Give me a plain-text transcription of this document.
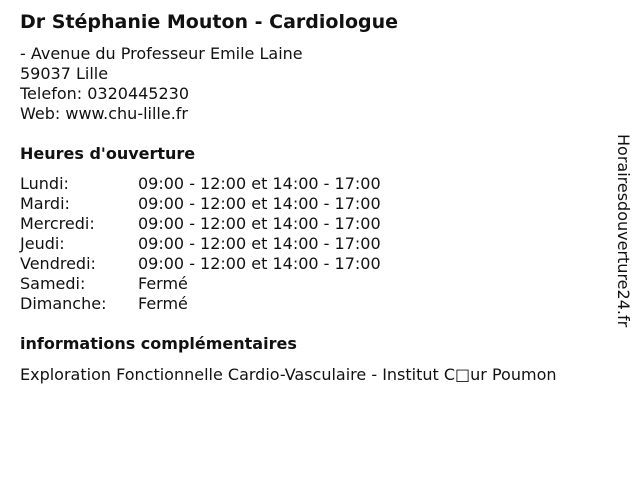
Dr Stéphanie Mouton - Cardiologue
- Avenue du Professeur Emile Laine
59037 Lille
Telefon: 0320445230
Web: www.chu-lille.fr
Heures d'ouverture
Lundi:	09:00 - 12:00 et 14:00 - 17:00
Mardi:	09:00 - 12:00 et 14:00 - 17:00
Mercredi:	09:00 - 12:00 et 14:00 - 17:00
Jeudi:	09:00 - 12:00 et 14:00 - 17:00
Vendredi:	09:00 - 12:00 et 14:00 - 17:00
Samedi:	Fermé
Dimanche:	Fermé
informations complémentaires
Exploration Fonctionnelle Cardio-Vasculaire - Institut C□ur Poumon
Horairesdouverture24.fr
